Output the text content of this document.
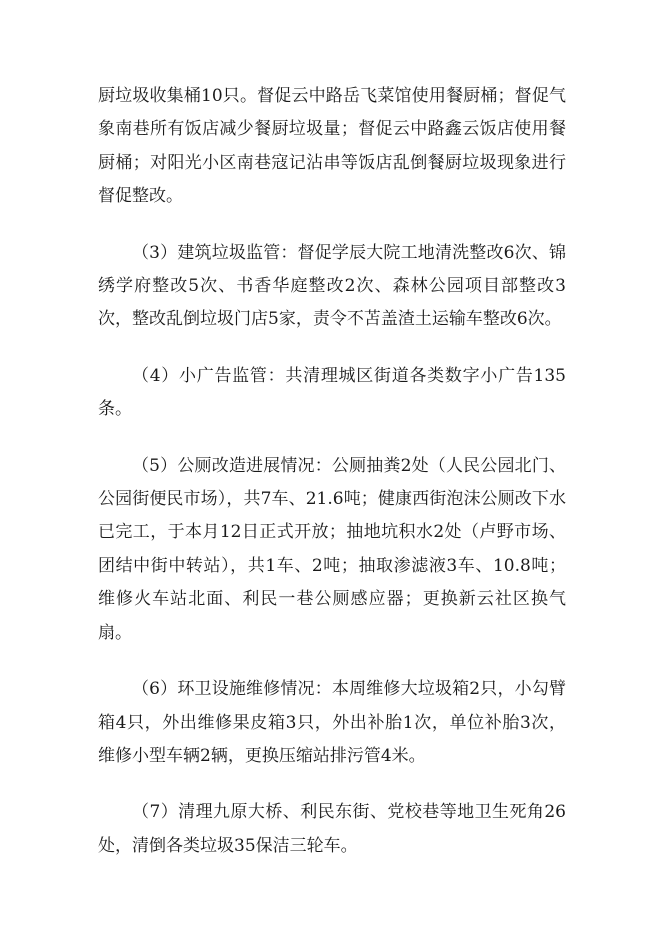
厨垃圾收集桶10只。督促云中路岳飞菜馆使用餐厨桶；督促气象南巷所有饭店减少餐厨垃圾量；督促云中路鑫云饭店使用餐厨桶；对阳光小区南巷寇记沾串等饭店乱倒餐厨垃圾现象进行督促整改。

（3）建筑垃圾监管：督促学辰大院工地清洗整改6次、锦绣学府整改5次、书香华庭整改2次、森林公园项目部整改3次，整改乱倒垃圾门店5家，责令不苫盖渣土运输车整改6次。

（4）小广告监管：共清理城区街道各类数字小广告135条。

（5）公厕改造进展情况：公厕抽粪2处（人民公园北门、公园街便民市场），共7车、21.6吨；健康西街泡沫公厕改下水已完工，于本月12日正式开放；抽地坑积水2处（卢野市场、团结中街中转站），共1车、2吨；抽取渗滤液3车、10.8吨；维修火车站北面、利民一巷公厕感应器；更换新云社区换气扇。

（6）环卫设施维修情况：本周维修大垃圾箱2只，小勾臂箱4只，外出维修果皮箱3只，外出补胎1次，单位补胎3次，维修小型车辆2辆，更换压缩站排污管4米。

（7）清理九原大桥、利民东街、党校巷等地卫生死角26处，清倒各类垃圾35保洁三轮车。
